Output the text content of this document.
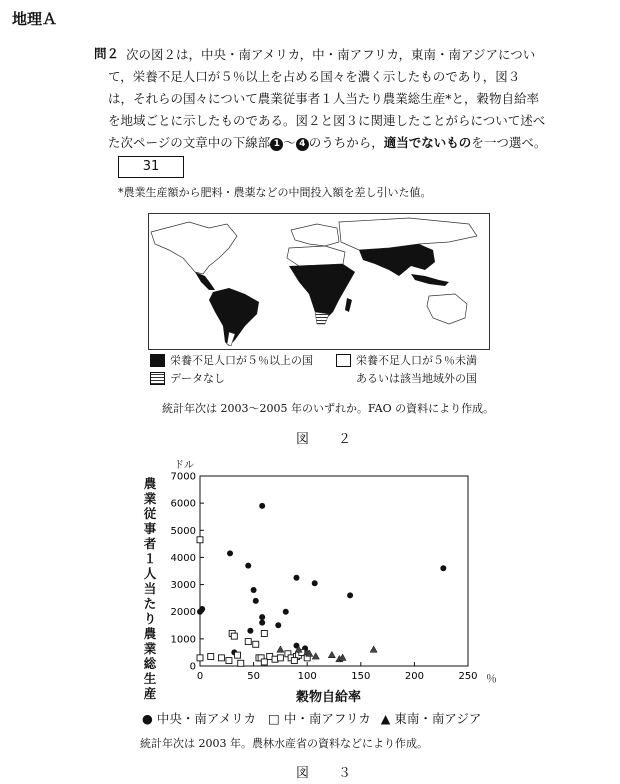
地理Ａ
問２ 次の図２は，中央・南アメリカ，中・南アフリカ，東南・南アジアについ
て，栄養不足人口が５％以上を占める国々を濃く示したものであり，図３
は，それらの国々について農業従事者１人当たり農業総生産*と，穀物自給率
を地域ごとに示したものである。図２と図３に関連したことがらについて述べ
た次ページの文章中の下線部 1 〜 4 のうちから，適当でないものを一つ選べ。
31
*農業生産額から肥料・農薬などの中間投入額を差し引いた値。
栄養不足人口が５％以上の国
データなし
栄養不足人口が５％未満
あるいは該当地域外の国
統計年次は 2003〜2005 年のいずれか。FAO の資料により作成。
図　２
0	50	100	150	200	250
0
1000
2000
3000
4000
5000
6000
7000
農
業
従
事
者
１
人
当
た
り
農
業
総
生
産
ドル
穀物自給率
％
● 中央・南アメリカ □ 中・南アフリカ ▲ 東南・南アジア
統計年次は 2003 年。農林水産省の資料などにより作成。
図　３
